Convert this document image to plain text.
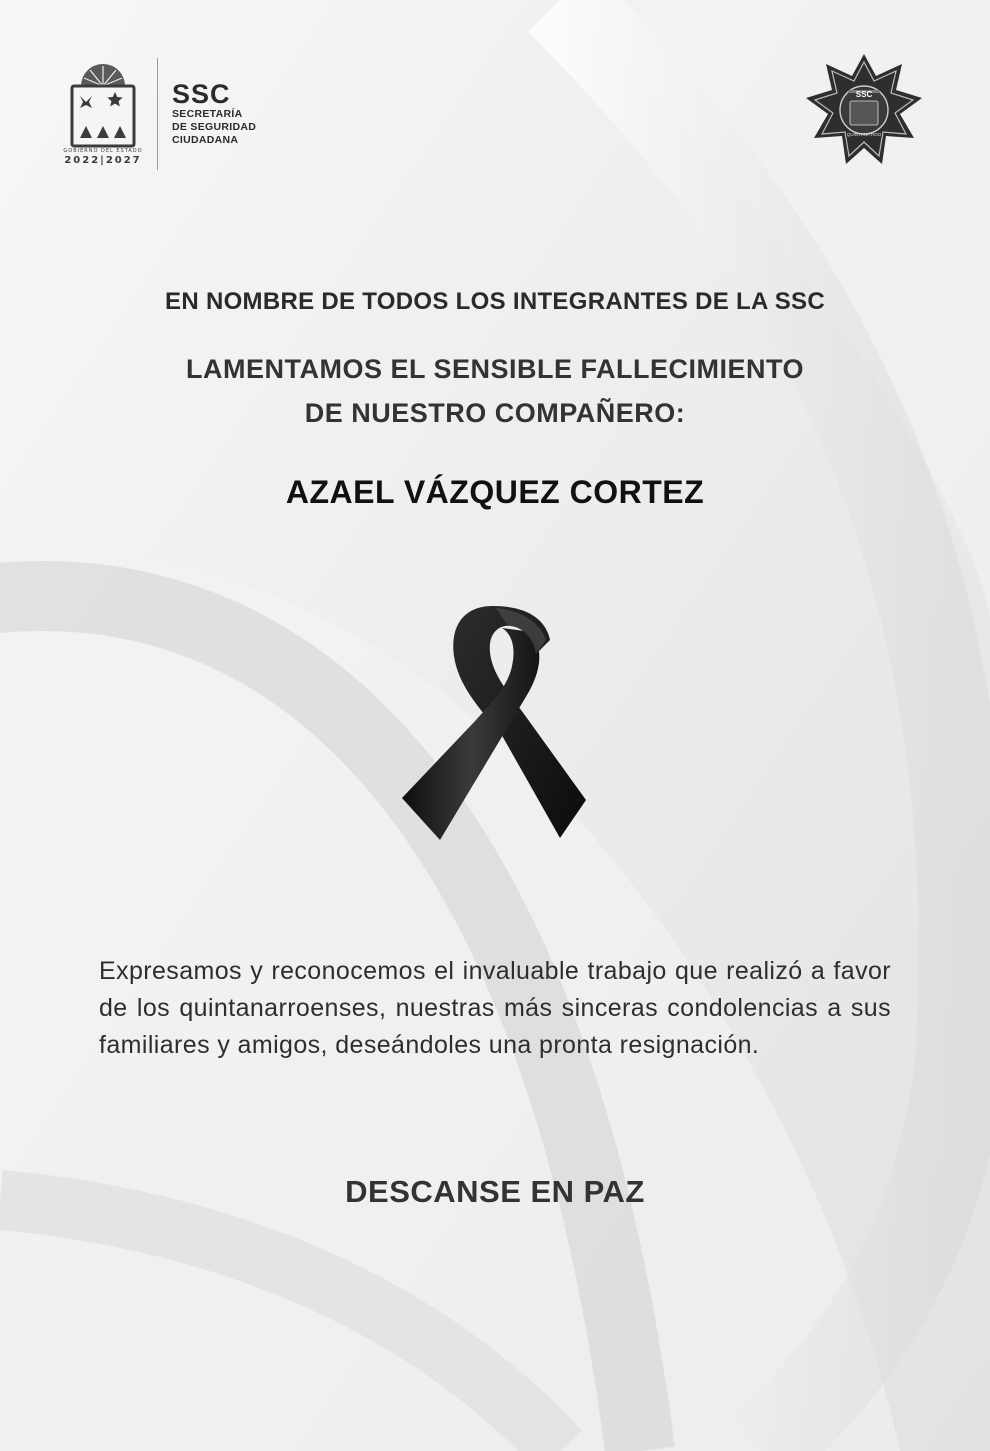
GOBIERNO DEL ESTADO
2022|2027
SSC
SECRETARÍA
DE SEGURIDAD
CIUDADANA
SSC
QUINTANA ROO
EN NOMBRE DE TODOS LOS INTEGRANTES DE LA SSC
LAMENTAMOS EL SENSIBLE FALLECIMIENTO
DE NUESTRO COMPAÑERO:
AZAEL VÁZQUEZ CORTEZ
Expresamos y reconocemos el invaluable trabajo que realizó a favor de los quintanarroenses, nuestras más sinceras condolencias a sus familiares y amigos, deseándoles una pronta resignación.
DESCANSE EN PAZ
